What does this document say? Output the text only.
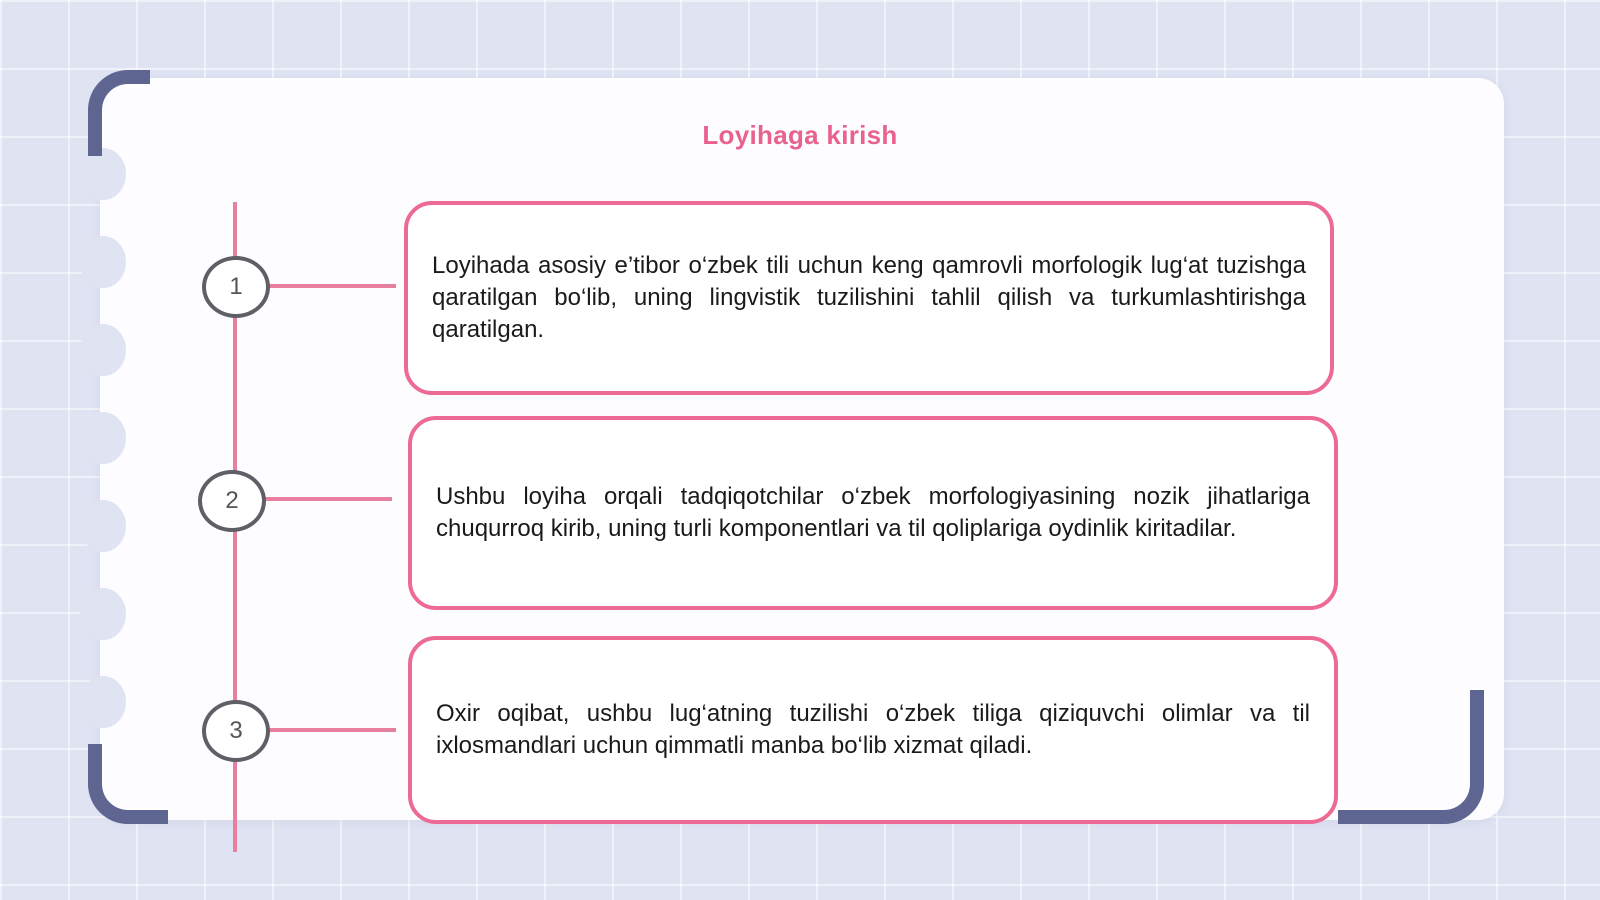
Loyihaga kirish
1
2
3

Loyihada asosiy e’tibor o‘zbek tili uchun keng qamrovli morfologik lug‘at tuzishga qaratilgan bo‘lib, uning lingvistik tuzilishini tahlil qilish va turkumlashtirishga qaratilgan.

Ushbu loyiha orqali tadqiqotchilar o‘zbek morfologiyasining nozik jihatlariga chuqurroq kirib, uning turli komponentlari va til qoliplariga oydinlik kiritadilar.

Oxir oqibat, ushbu lug‘atning tuzilishi o‘zbek tiliga qiziquvchi olimlar va til ixlosmandlari uchun qimmatli manba bo‘lib xizmat qiladi.
